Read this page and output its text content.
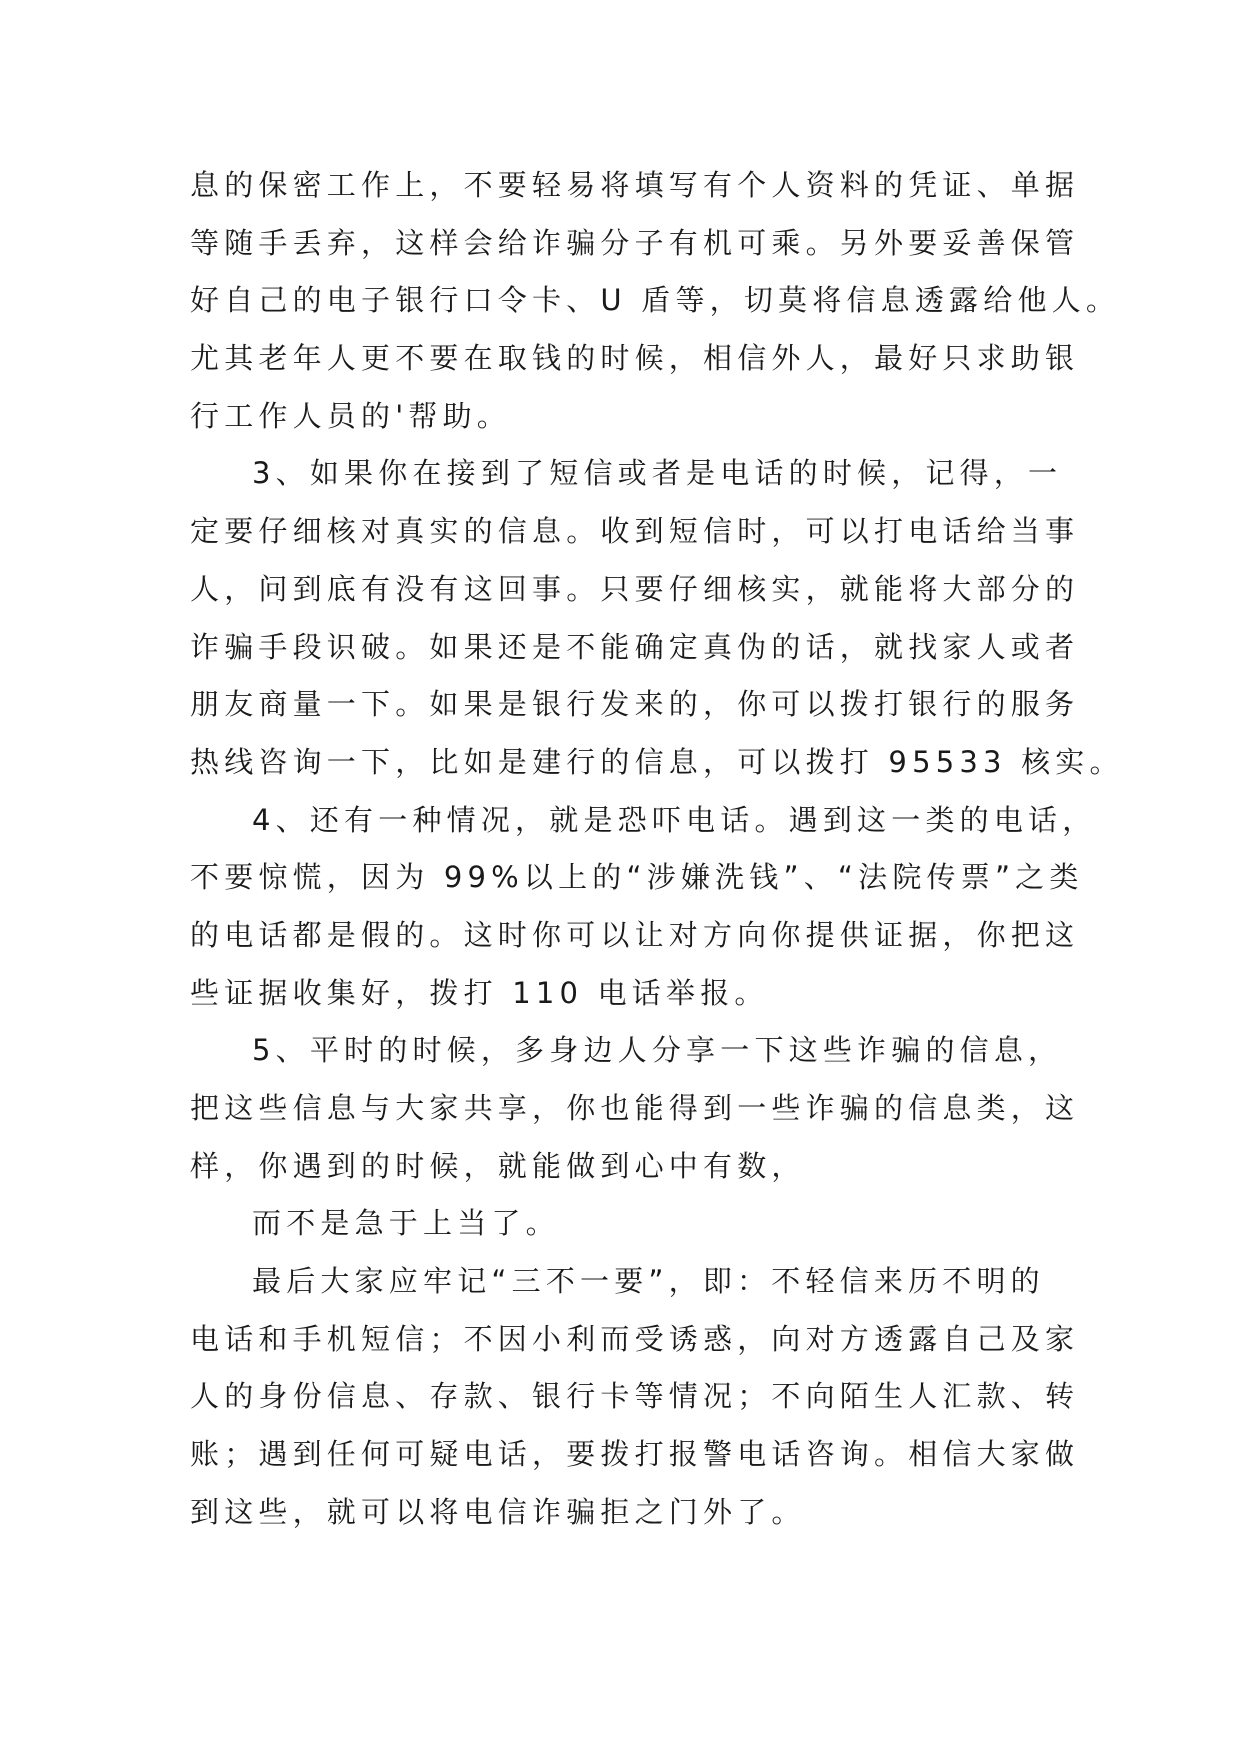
息的保密工作上，不要轻易将填写有个人资料的凭证、单据
等随手丢弃，这样会给诈骗分子有机可乘。另外要妥善保管
好自己的电子银行口令卡、U 盾等，切莫将信息透露给他人。
尤其老年人更不要在取钱的时候，相信外人，最好只求助银
行工作人员的'帮助。
3、如果你在接到了短信或者是电话的时候，记得，一
定要仔细核对真实的信息。收到短信时，可以打电话给当事
人，问到底有没有这回事。只要仔细核实，就能将大部分的
诈骗手段识破。如果还是不能确定真伪的话，就找家人或者
朋友商量一下。如果是银行发来的，你可以拨打银行的服务
热线咨询一下，比如是建行的信息，可以拨打 95533 核实。
4、还有一种情况，就是恐吓电话。遇到这一类的电话，
不要惊慌，因为 99%以上的“涉嫌洗钱”、“法院传票”之类
的电话都是假的。这时你可以让对方向你提供证据，你把这
些证据收集好，拨打 110 电话举报。
5、平时的时候，多身边人分享一下这些诈骗的信息，
把这些信息与大家共享，你也能得到一些诈骗的信息类，这
样，你遇到的时候，就能做到心中有数，
而不是急于上当了。
最后大家应牢记“三不一要”，即：不轻信来历不明的
电话和手机短信；不因小利而受诱惑，向对方透露自己及家
人的身份信息、存款、银行卡等情况；不向陌生人汇款、转
账；遇到任何可疑电话，要拨打报警电话咨询。相信大家做
到这些，就可以将电信诈骗拒之门外了。
